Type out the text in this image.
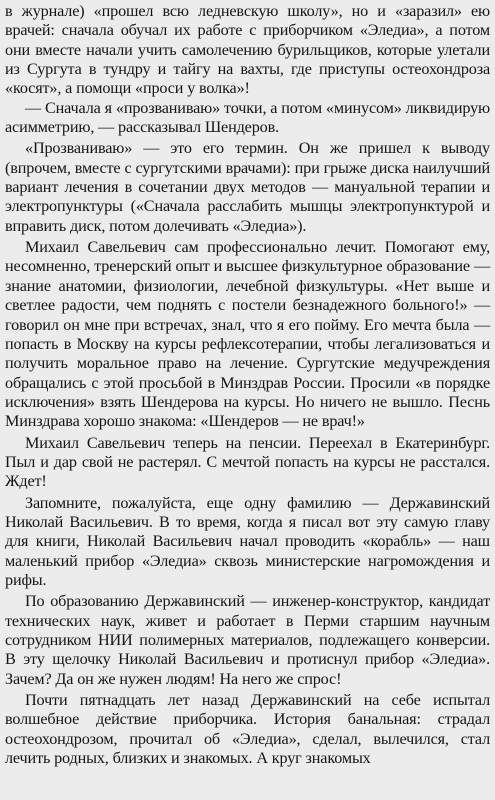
в журнале) «прошел всю ледневскую школу», но и «заразил» ею врачей: сначала обучал их работе с приборчиком «Эледиа», а потом они вместе начали учить самолечению бурильщиков, которые улетали из Сургута в тундру и тайгу на вахты, где приступы остеохондроза «косят», а помощи «проси у волка»!

— Сначала я «прозваниваю» точки, а потом «минусом» ликвидирую асимметрию, — рассказывал Шендеров.

«Прозваниваю» — это его термин. Он же пришел к выводу (впрочем, вместе с сургутскими врачами): при грыже диска наилучший вариант лечения в сочетании двух методов — мануальной терапии и электропунктуры («Сначала расслабить мышцы электропунктурой и вправить диск, потом долечивать «Эледиа»).

Михаил Савельевич сам профессионально лечит. Помогают ему, несомненно, тренерский опыт и высшее физкультурное образование — знание анатомии, физиологии, лечебной физкультуры. «Нет выше и светлее радости, чем поднять с постели безнадежного больного!» — говорил он мне при встречах, знал, что я его пойму. Его мечта была — попасть в Москву на курсы рефлексотерапии, чтобы легализоваться и получить моральное право на лечение. Сургутские медучреждения обращались с этой просьбой в Минздрав России. Просили «в порядке исключения» взять Шендерова на курсы. Но ничего не вышло. Песнь Минздрава хорошо знакома: «Шендеров — не врач!»

Михаил Савельевич теперь на пенсии. Переехал в Екатеринбург. Пыл и дар свой не растерял. С мечтой попасть на курсы не расстался. Ждет!

Запомните, пожалуйста, еще одну фамилию — Державинский Николай Васильевич. В то время, когда я писал вот эту самую главу для книги, Николай Васильевич начал проводить «корабль» — наш маленький прибор «Эледиа» сквозь министерские нагромождения и рифы.

По образованию Державинский — инженер-конструктор, кандидат технических наук, живет и работает в Перми старшим научным сотрудником НИИ полимерных материалов, подлежащего конверсии. В эту щелочку Николай Васильевич и протиснул прибор «Эледиа». Зачем? Да он же нужен людям! На него же спрос!

Почти пятнадцать лет назад Державинский на себе испытал волшебное действие приборчика. История банальная: страдал остеохондрозом, прочитал об «Эледиа», сделал, вылечился, стал лечить родных, близких и знакомых. А круг знакомых
